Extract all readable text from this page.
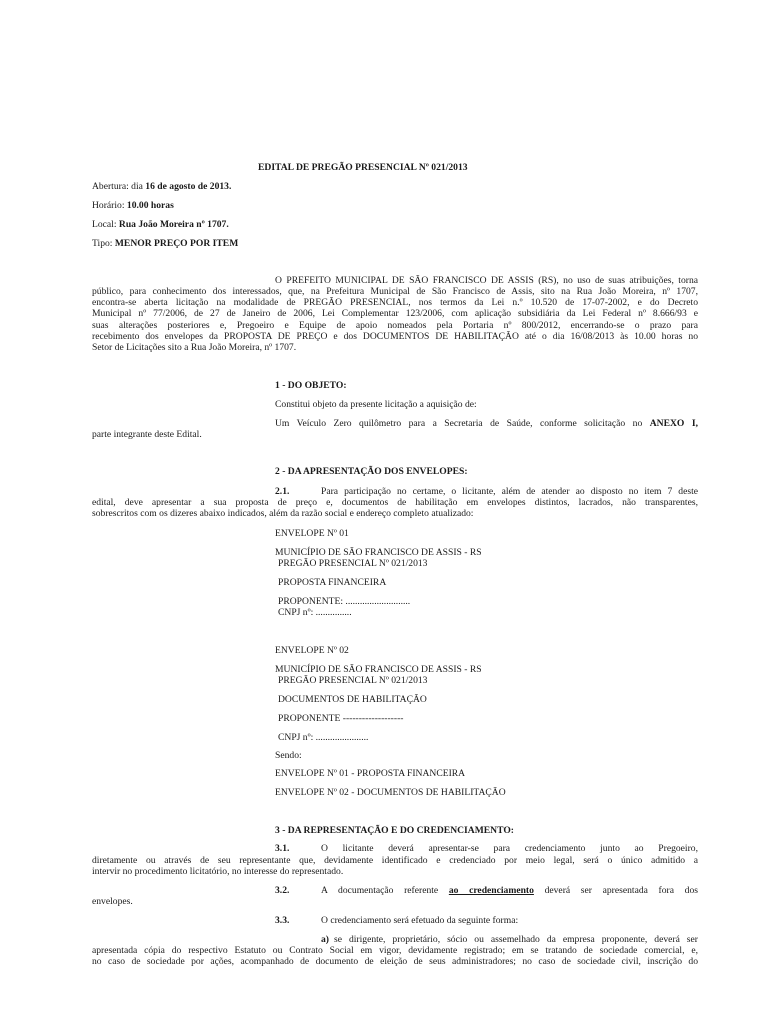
EDITAL DE PREGÃO PRESENCIAL Nº 021/2013

Abertura: dia 16 de agosto de 2013.

Horário: 10.00 horas

Local: Rua João Moreira nº 1707.

Tipo: MENOR PREÇO POR ITEM

O PREFEITO MUNICIPAL DE SÃO FRANCISCO DE ASSIS (RS), no uso de suas atribuições, torna

público, para conhecimento dos interessados, que, na Prefeitura Municipal de São Francisco de Assis, sito na Rua João Moreira, nº 1707,

encontra-se aberta licitação na modalidade de PREGÃO PRESENCIAL, nos termos da Lei n.º 10.520 de 17-07-2002, e do Decreto

Municipal nº 77/2006, de 27 de Janeiro de 2006, Lei Complementar 123/2006, com aplicação subsidiária da Lei Federal nº 8.666/93 e

suas alterações posteriores e, Pregoeiro e Equipe de apoio nomeados pela Portaria nº 800/2012, encerrando-se o prazo para

recebimento dos envelopes da PROPOSTA DE PREÇO e dos DOCUMENTOS DE HABILITAÇÃO até o dia 16/08/2013 às 10.00 horas no

Setor de Licitações sito a Rua João Moreira, nº 1707.

1 - DO OBJETO:

Constitui objeto da presente licitação a aquisição de:

Um Veículo Zero quilômetro para a Secretaria de Saúde, conforme solicitação no ANEXO I,

parte integrante deste Edital.

2 - DA APRESENTAÇÃO DOS ENVELOPES:

2.1.	Para participação no certame, o licitante, além de atender ao disposto no item 7 deste

edital, deve apresentar a sua proposta de preço e, documentos de habilitação em envelopes distintos, lacrados, não transparentes,

sobrescritos com os dizeres abaixo indicados, além da razão social e endereço completo atualizado:

ENVELOPE Nº 01

MUNICÍPIO DE SÃO FRANCISCO DE ASSIS - RS

PREGÃO PRESENCIAL Nº 021/2013

PROPOSTA FINANCEIRA

PROPONENTE: ...........................

CNPJ nº: ...............

ENVELOPE Nº 02

MUNICÍPIO DE SÃO FRANCISCO DE ASSIS - RS

PREGÃO PRESENCIAL Nº 021/2013

DOCUMENTOS DE HABILITAÇÃO

PROPONENTE -------------------

CNPJ nº: ......................

Sendo:

ENVELOPE Nº 01 - PROPOSTA FINANCEIRA

ENVELOPE Nº 02 - DOCUMENTOS DE HABILITAÇÃO

3 - DA REPRESENTAÇÃO E DO CREDENCIAMENTO:

3.1.	O licitante deverá apresentar-se para credenciamento junto ao Pregoeiro,

diretamente ou através de seu representante que, devidamente identificado e credenciado por meio legal, será o único admitido a

intervir no procedimento licitatório, no interesse do representado.

3.2.	A documentação referente ao credenciamento deverá ser apresentada fora dos

envelopes.

3.3.	O credenciamento será efetuado da seguinte forma:

a) se dirigente, proprietário, sócio ou assemelhado da empresa proponente, deverá ser

apresentada cópia do respectivo Estatuto ou Contrato Social em vigor, devidamente registrado; em se tratando de sociedade comercial, e,

no caso de sociedade por ações, acompanhado de documento de eleição de seus administradores; no caso de sociedade civil, inscrição do
